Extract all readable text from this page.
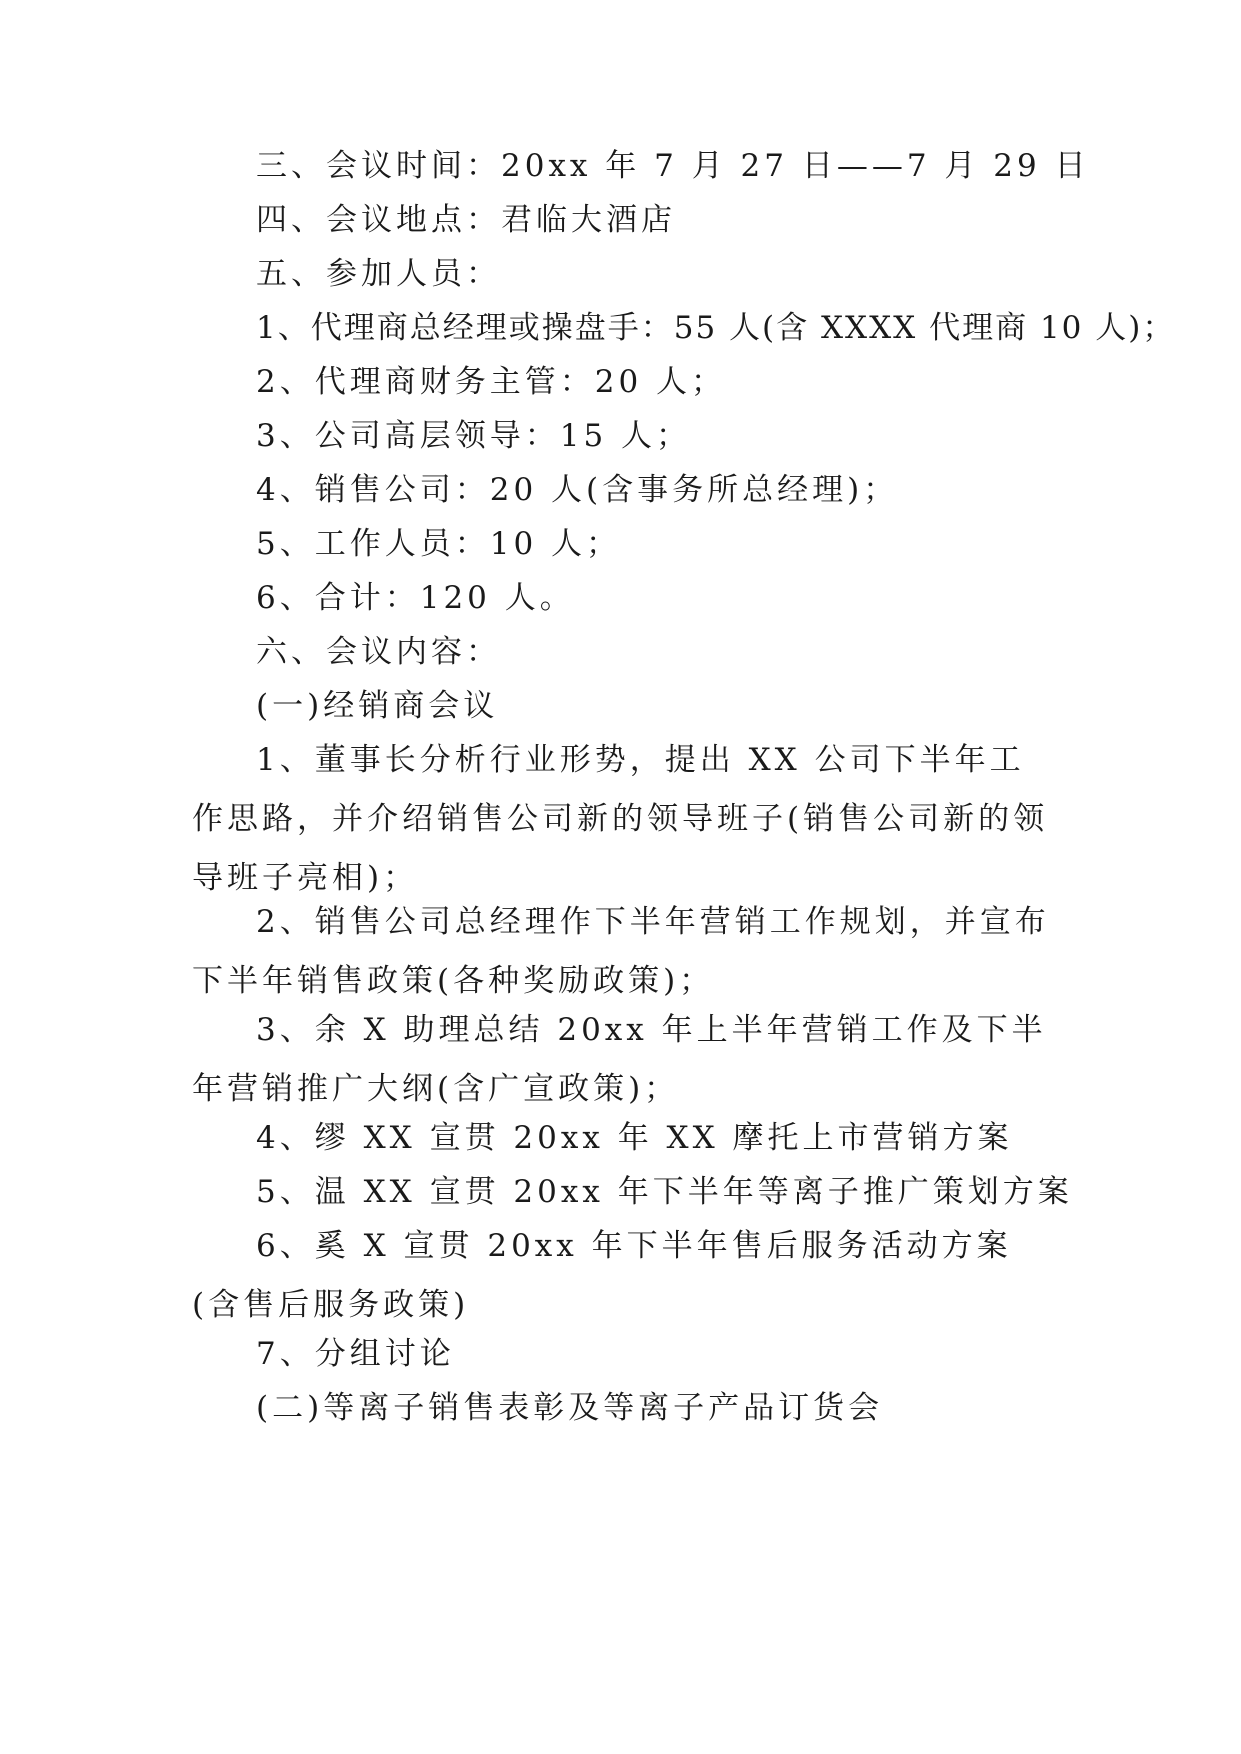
三、会议时间：20xx 年 7 月 27 日——7 月 29 日

四、会议地点：君临大酒店

五、参加人员：

1、代理商总经理或操盘手：55 人(含 XXXX 代理商 10 人)；

2、代理商财务主管：20 人；

3、公司高层领导：15 人；

4、销售公司：20 人(含事务所总经理)；

5、工作人员：10 人；

6、合计：120 人。

六、会议内容：

(一)经销商会议

1、董事长分析行业形势，提出 XX 公司下半年工作思路，并介绍销售公司新的领导班子(销售公司新的领导班子亮相)；

2、销售公司总经理作下半年营销工作规划，并宣布下半年销售政策(各种奖励政策)；

3、余 X 助理总结 20xx 年上半年营销工作及下半年营销推广大纲(含广宣政策)；

4、缪 XX 宣贯 20xx 年 XX 摩托上市营销方案

5、温 XX 宣贯 20xx 年下半年等离子推广策划方案

6、奚 X 宣贯 20xx 年下半年售后服务活动方案(含售后服务政策)

7、分组讨论

(二)等离子销售表彰及等离子产品订货会
